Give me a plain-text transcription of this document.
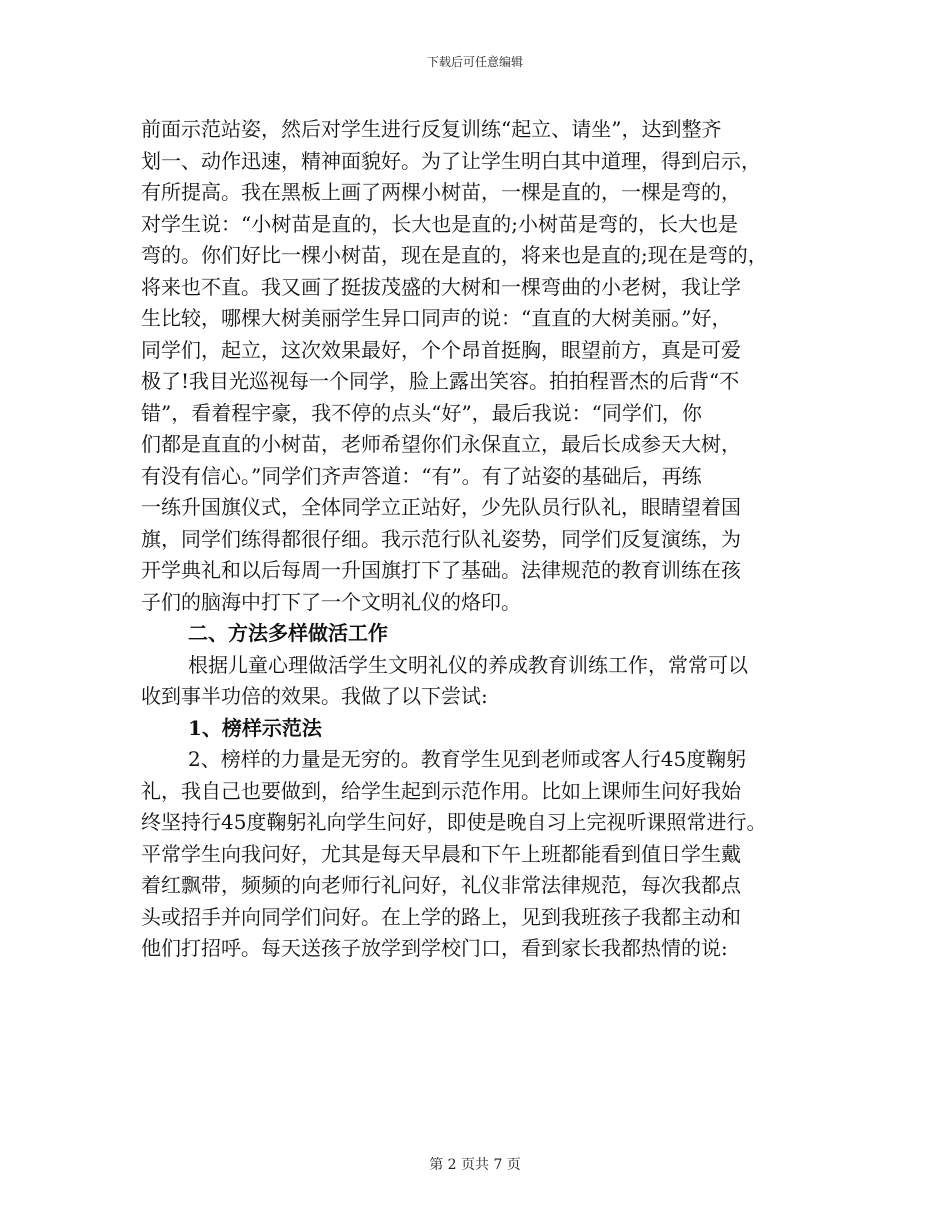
下载后可任意编辑
前面示范站姿，然后对学生进行反复训练“起立、请坐”，达到整齐
划一、动作迅速，精神面貌好。为了让学生明白其中道理，得到启示，
有所提高。我在黑板上画了两棵小树苗，一棵是直的，一棵是弯的，
对学生说：“小树苗是直的，长大也是直的;小树苗是弯的，长大也是
弯的。你们好比一棵小树苗，现在是直的，将来也是直的;现在是弯的，
将来也不直。我又画了挺拔茂盛的大树和一棵弯曲的小老树，我让学
生比较，哪棵大树美丽学生异口同声的说：“直直的大树美丽。”好，
同学们，起立，这次效果最好，个个昂首挺胸，眼望前方，真是可爱
极了!我目光巡视每一个同学，脸上露出笑容。拍拍程晋杰的后背“不
错”，看着程宇豪，我不停的点头“好”，最后我说：“同学们，你
们都是直直的小树苗，老师希望你们永保直立，最后长成参天大树，
有没有信心。”同学们齐声答道：“有”。有了站姿的基础后，再练
一练升国旗仪式，全体同学立正站好，少先队员行队礼，眼睛望着国
旗，同学们练得都很仔细。我示范行队礼姿势，同学们反复演练，为
开学典礼和以后每周一升国旗打下了基础。法律规范的教育训练在孩
子们的脑海中打下了一个文明礼仪的烙印。
二、方法多样做活工作
根据儿童心理做活学生文明礼仪的养成教育训练工作，常常可以
收到事半功倍的效果。我做了以下尝试:
1、榜样示范法
2、榜样的力量是无穷的。教育学生见到老师或客人行45度鞠躬
礼，我自己也要做到，给学生起到示范作用。比如上课师生问好我始
终坚持行45度鞠躬礼向学生问好，即使是晚自习上完视听课照常进行。
平常学生向我问好，尤其是每天早晨和下午上班都能看到值日学生戴
着红飘带，频频的向老师行礼问好，礼仪非常法律规范，每次我都点
头或招手并向同学们问好。在上学的路上，见到我班孩子我都主动和
他们打招呼。每天送孩子放学到学校门口，看到家长我都热情的说:
第 2 页共 7 页
